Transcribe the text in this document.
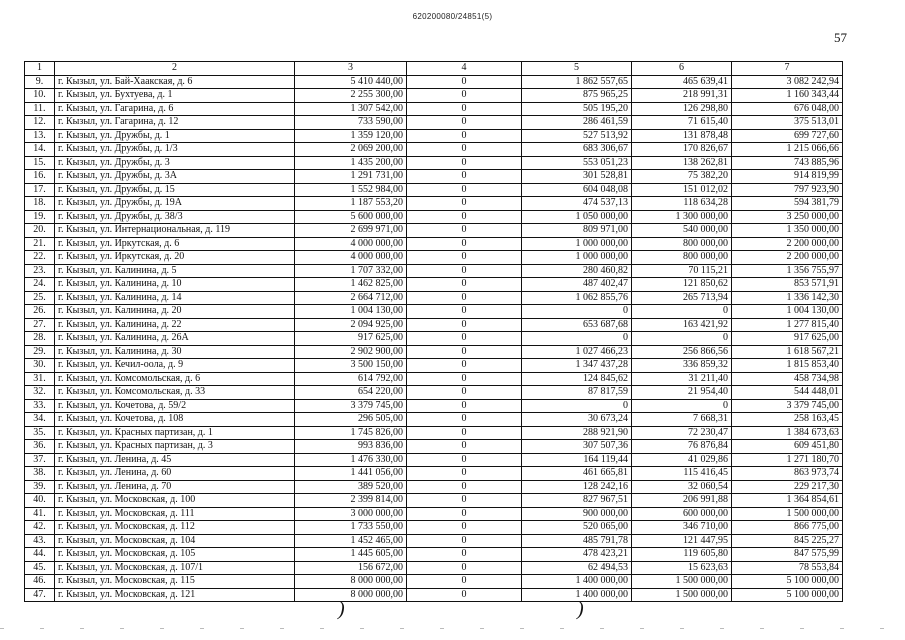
620200080/24851(5)
57
1	2	3	4	5	6	7
9.	г. Кызыл, ул. Бай-Хаакская, д. 6	5 410 440,00	0	1 862 557,65	465 639,41	3 082 242,94
10.	г. Кызыл, ул. Бухтуева, д. 1	2 255 300,00	0	875 965,25	218 991,31	1 160 343,44
11.	г. Кызыл, ул. Гагарина, д. 6	1 307 542,00	0	505 195,20	126 298,80	676 048,00
12.	г. Кызыл, ул. Гагарина, д. 12	733 590,00	0	286 461,59	71 615,40	375 513,01
13.	г. Кызыл, ул. Дружбы, д. 1	1 359 120,00	0	527 513,92	131 878,48	699 727,60
14.	г. Кызыл, ул. Дружбы, д. 1/3	2 069 200,00	0	683 306,67	170 826,67	1 215 066,66
15.	г. Кызыл, ул. Дружбы, д. 3	1 435 200,00	0	553 051,23	138 262,81	743 885,96
16.	г. Кызыл, ул. Дружбы, д. 3А	1 291 731,00	0	301 528,81	75 382,20	914 819,99
17.	г. Кызыл, ул. Дружбы, д. 15	1 552 984,00	0	604 048,08	151 012,02	797 923,90
18.	г. Кызыл, ул. Дружбы, д. 19А	1 187 553,20	0	474 537,13	118 634,28	594 381,79
19.	г. Кызыл, ул. Дружбы, д. 38/3	5 600 000,00	0	1 050 000,00	1 300 000,00	3 250 000,00
20.	г. Кызыл, ул. Интернациональная, д. 119	2 699 971,00	0	809 971,00	540 000,00	1 350 000,00
21.	г. Кызыл, ул. Иркутская, д. 6	4 000 000,00	0	1 000 000,00	800 000,00	2 200 000,00
22.	г. Кызыл, ул. Иркутская, д. 20	4 000 000,00	0	1 000 000,00	800 000,00	2 200 000,00
23.	г. Кызыл, ул. Калинина, д. 5	1 707 332,00	0	280 460,82	70 115,21	1 356 755,97
24.	г. Кызыл, ул. Калинина, д. 10	1 462 825,00	0	487 402,47	121 850,62	853 571,91
25.	г. Кызыл, ул. Калинина, д. 14	2 664 712,00	0	1 062 855,76	265 713,94	1 336 142,30
26.	г. Кызыл, ул. Калинина, д. 20	1 004 130,00	0	0	0	1 004 130,00
27.	г. Кызыл, ул. Калинина, д. 22	2 094 925,00	0	653 687,68	163 421,92	1 277 815,40
28.	г. Кызыл, ул. Калинина, д. 26А	917 625,00	0	0	0	917 625,00
29.	г. Кызыл, ул. Калинина, д. 30	2 902 900,00	0	1 027 466,23	256 866,56	1 618 567,21
30.	г. Кызыл, ул. Кечил-оола, д. 9	3 500 150,00	0	1 347 437,28	336 859,32	1 815 853,40
31.	г. Кызыл, ул. Комсомольская, д. 6	614 792,00	0	124 845,62	31 211,40	458 734,98
32.	г. Кызыл, ул. Комсомольская, д. 33	654 220,00	0	87 817,59	21 954,40	544 448,01
33.	г. Кызыл, ул. Кочетова, д. 59/2	3 379 745,00	0	0	0	3 379 745,00
34.	г. Кызыл, ул. Кочетова, д. 108	296 505,00	0	30 673,24	7 668,31	258 163,45
35.	г. Кызыл, ул. Красных партизан, д. 1	1 745 826,00	0	288 921,90	72 230,47	1 384 673,63
36.	г. Кызыл, ул. Красных партизан, д. 3	993 836,00	0	307 507,36	76 876,84	609 451,80
37.	г. Кызыл, ул. Ленина, д. 45	1 476 330,00	0	164 119,44	41 029,86	1 271 180,70
38.	г. Кызыл, ул. Ленина, д. 60	1 441 056,00	0	461 665,81	115 416,45	863 973,74
39.	г. Кызыл, ул. Ленина, д. 70	389 520,00	0	128 242,16	32 060,54	229 217,30
40.	г. Кызыл, ул. Московская, д. 100	2 399 814,00	0	827 967,51	206 991,88	1 364 854,61
41.	г. Кызыл, ул. Московская, д. 111	3 000 000,00	0	900 000,00	600 000,00	1 500 000,00
42.	г. Кызыл, ул. Московская, д. 112	1 733 550,00	0	520 065,00	346 710,00	866 775,00
43.	г. Кызыл, ул. Московская, д. 104	1 452 465,00	0	485 791,78	121 447,95	845 225,27
44.	г. Кызыл, ул. Московская, д. 105	1 445 605,00	0	478 423,21	119 605,80	847 575,99
45.	г. Кызыл, ул. Московская, д. 107/1	156 672,00	0	62 494,53	15 623,63	78 553,84
46.	г. Кызыл, ул. Московская, д. 115	8 000 000,00	0	1 400 000,00	1 500 000,00	5 100 000,00
47.	г. Кызыл, ул. Московская, д. 121	8 000 000,00	0	1 400 000,00	1 500 000,00	5 100 000,00
)	)
